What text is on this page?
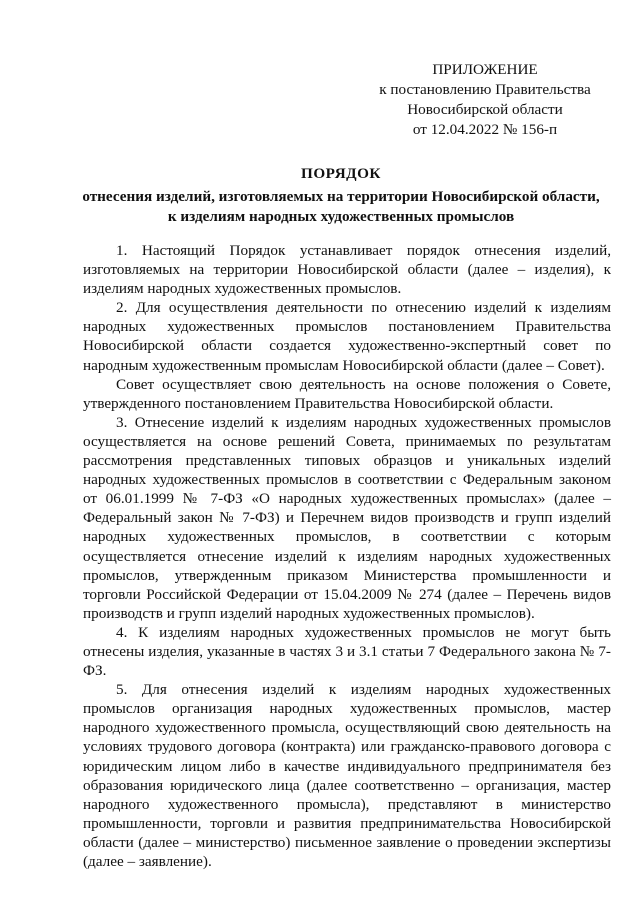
ПРИЛОЖЕНИЕ
к постановлению Правительства
Новосибирской области
от 12.04.2022 № 156-п
ПОРЯДОК
отнесения изделий, изготовляемых на территории Новосибирской области,
к изделиям народных художественных промыслов

1. Настоящий Порядок устанавливает порядок отнесения изделий, изготовляемых на территории Новосибирской области (далее – изделия), к изделиям народных художественных промыслов.

2. Для осуществления деятельности по отнесению изделий к изделиям народных художественных промыслов постановлением Правительства Новосибирской области создается художественно-экспертный совет по народным художественным промыслам Новосибирской области (далее – Совет).

Совет осуществляет свою деятельность на основе положения о Совете, утвержденного постановлением Правительства Новосибирской области.

3. Отнесение изделий к изделиям народных художественных промыслов осуществляется на основе решений Совета, принимаемых по результатам рассмотрения представленных типовых образцов и уникальных изделий народных художественных промыслов в соответствии с Федеральным законом от 06.01.1999 № 7-ФЗ «О народных художественных промыслах» (далее – Федеральный закон № 7-ФЗ) и Перечнем видов производств и групп изделий народных художественных промыслов, в соответствии с которым осуществляется отнесение изделий к изделиям народных художественных промыслов, утвержденным приказом Министерства промышленности и торговли Российской Федерации от 15.04.2009 № 274 (далее – Перечень видов производств и групп изделий народных художественных промыслов).

4. К изделиям народных художественных промыслов не могут быть отнесены изделия, указанные в частях 3 и 3.1 статьи 7 Федерального закона № 7-ФЗ.

5. Для отнесения изделий к изделиям народных художественных промыслов организация народных художественных промыслов, мастер народного художественного промысла, осуществляющий свою деятельность на условиях трудового договора (контракта) или гражданско-правового договора с юридическим лицом либо в качестве индивидуального предпринимателя без образования юридического лица (далее соответственно – организация, мастер народного художественного промысла), представляют в министерство промышленности, торговли и развития предпринимательства Новосибирской области (далее – министерство) письменное заявление о проведении экспертизы (далее – заявление).
